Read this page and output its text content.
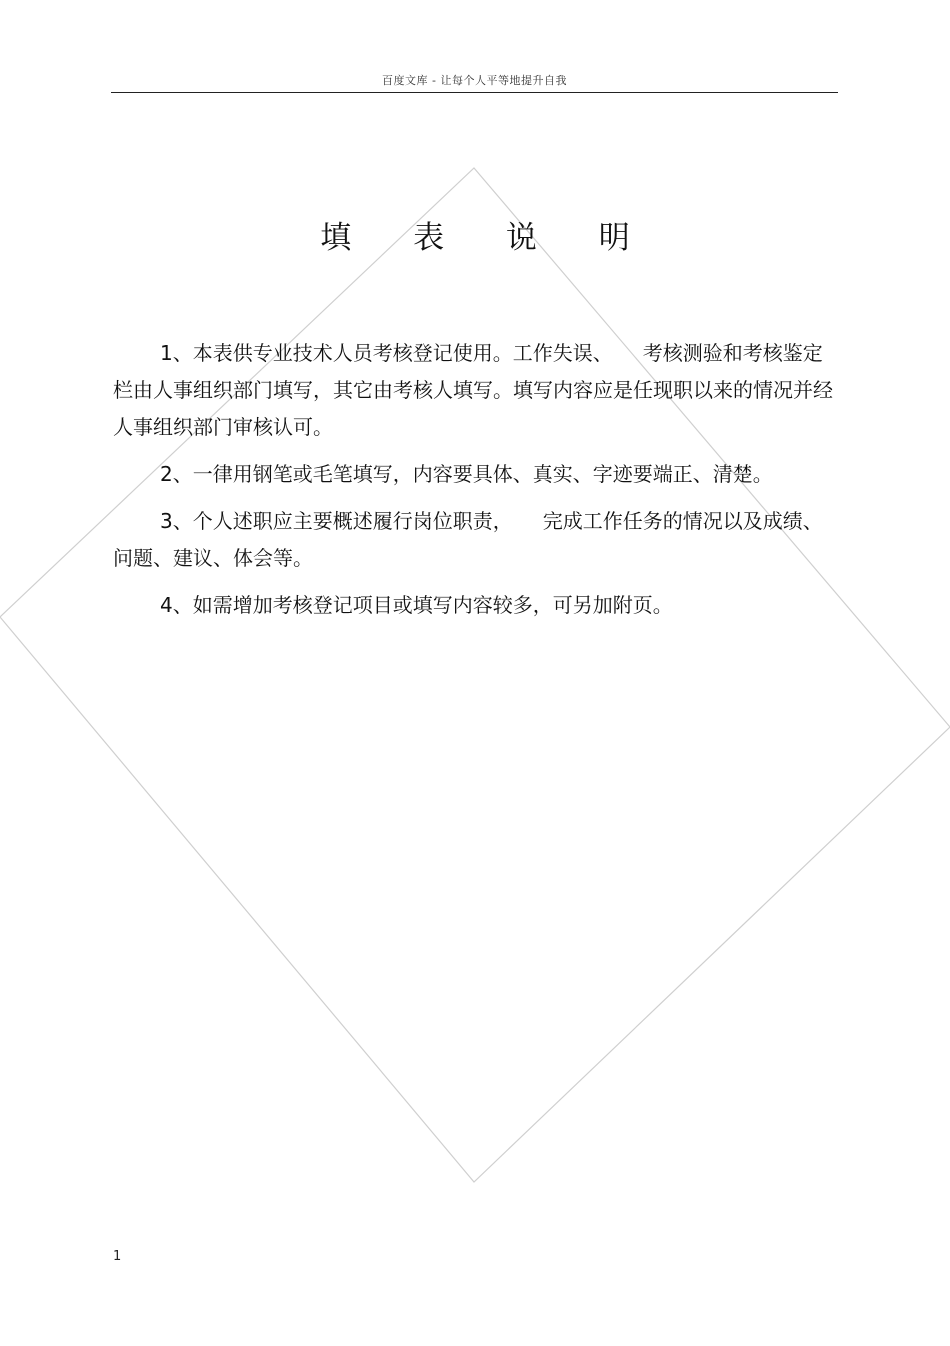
百度文库 - 让每个人平等地提升自我
填 表 说 明

1、本表供专业技术人员考核登记使用。工作失误、　　考核测验和考核鉴定栏由人事组织部门填写，其它由考核人填写。填写内容应是任现职以来的情况并经人事组织部门审核认可。

2、一律用钢笔或毛笔填写，内容要具体、真实、字迹要端正、清楚。

3、个人述职应主要概述履行岗位职责，　　完成工作任务的情况以及成绩、问题、建议、体会等。

4、如需增加考核登记项目或填写内容较多，可另加附页。

1
